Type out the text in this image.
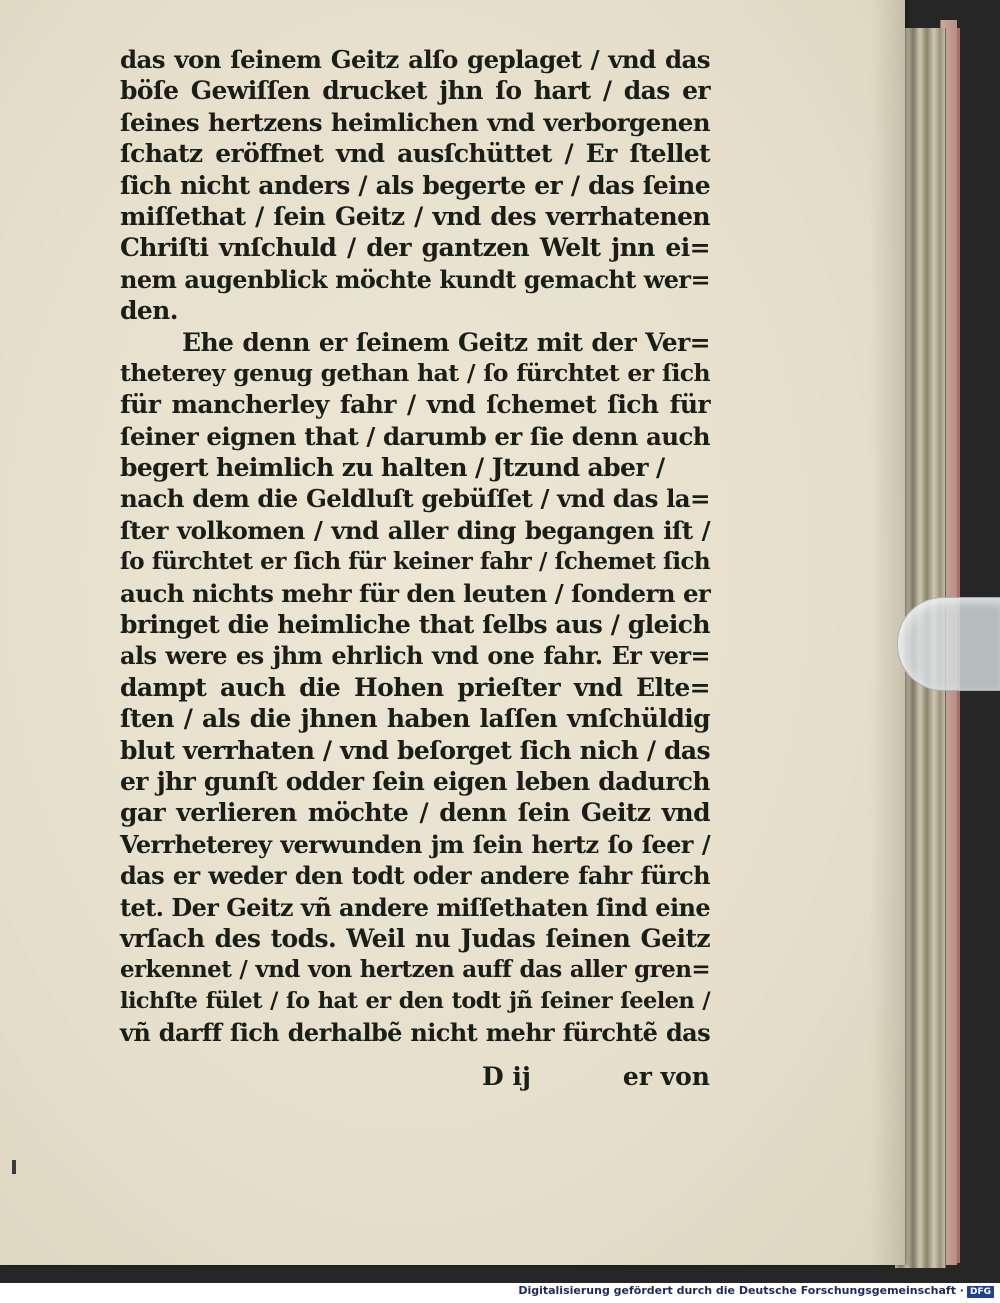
das von ſeinem Geitz alſo geplaget / vnd das
böſe Gewiſſen drucket jhn ſo hart / das er
ſeines hertzens heimlichen vnd verborgenen
ſchatz eröffnet vnd ausſchüttet / Er ſtellet
ſich nicht anders / als begerte er / das ſeine
miſſethat / ſein Geitz / vnd des verrhatenen
Chriſti vnſchuld / der gantzen Welt jnn ei=
nem augenblick möchte kundt gemacht wer=
den.
Ehe denn er ſeinem Geitz mit der Ver=
theterey genug gethan hat / ſo fürchtet er ſich
für mancherley fahr / vnd ſchemet ſich für
ſeiner eignen that / darumb er ſie denn auch
begert heimlich zu halten / Jtzund aber /
nach dem die Geldluſt gebüſſet / vnd das la=
ſter volkomen / vnd aller ding begangen iſt /
ſo fürchtet er ſich für keiner fahr / ſchemet ſich
auch nichts mehr für den leuten / ſondern er
bringet die heimliche that ſelbs aus / gleich
als were es jhm ehrlich vnd one fahr. Er ver=
dampt auch die Hohen prieſter vnd Elte=
ſten / als die jhnen haben laſſen vnſchüldig
blut verrhaten / vnd beſorget ſich nich / das
er jhr gunſt odder ſein eigen leben dadurch
gar verlieren möchte / denn ſein Geitz vnd
Verrheterey verwunden jm ſein hertz ſo ſeer /
das er weder den todt oder andere fahr fürch
tet. Der Geitz vñ andere miſſethaten ſind eine
vrſach des tods. Weil nu Judas ſeinen Geitz
erkennet / vnd von hertzen auff das aller gren=
lichſte fület / ſo hat er den todt jñ ſeiner ſeelen /
vñ darff ſich derhalbẽ nicht mehr fürchtẽ das
D ij	er von
Digitalisierung gefördert durch die Deutsche Forschungsgemeinschaft · DFG
